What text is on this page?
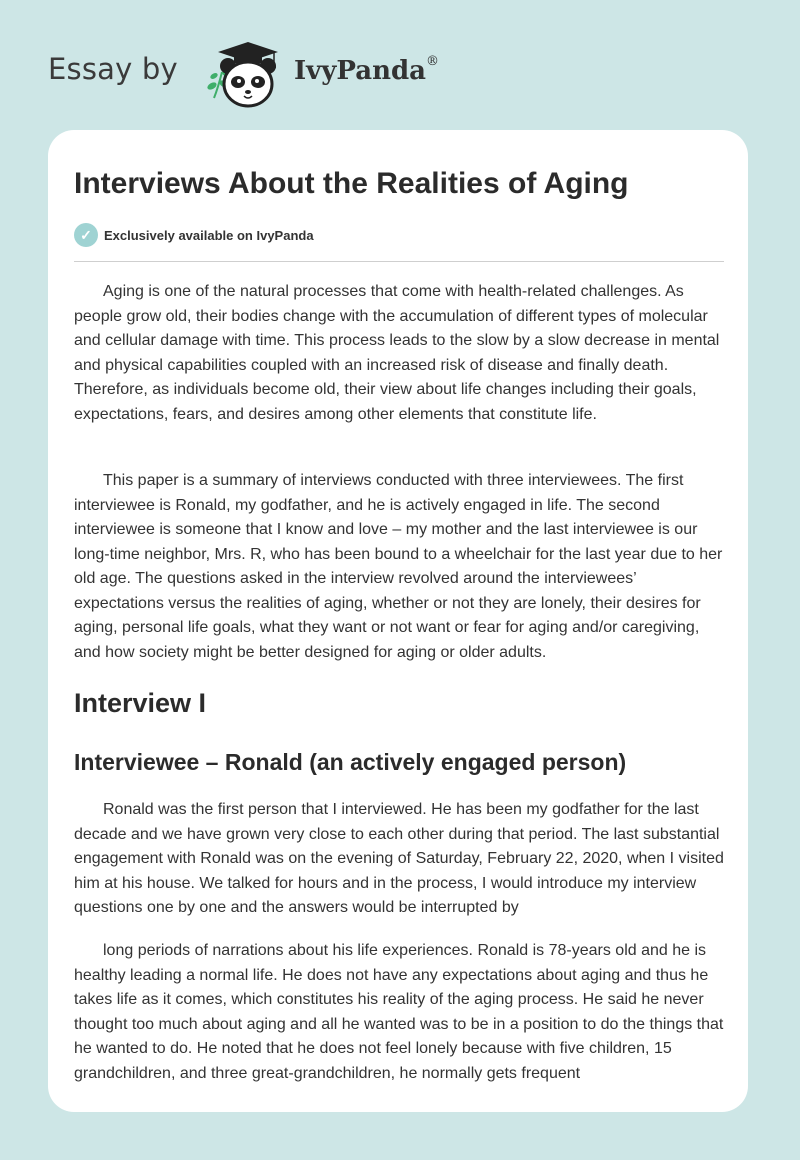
Essay by	IvyPanda®
Interviews About the Realities of Aging
✓ Exclusively available on IvyPanda

Aging is one of the natural processes that come with health-related challenges. As people grow old, their bodies change with the accumulation of different types of molecular and cellular damage with time. This process leads to the slow by a slow decrease in mental and physical capabilities coupled with an increased risk of disease and finally death. Therefore, as individuals become old, their view about life changes including their goals, expectations, fears, and desires among other elements that constitute life.

This paper is a summary of interviews conducted with three interviewees. The first interviewee is Ronald, my godfather, and he is actively engaged in life. The second interviewee is someone that I know and love – my mother and the last interviewee is our long-time neighbor, Mrs. R, who has been bound to a wheelchair for the last year due to her old age. The questions asked in the interview revolved around the interviewees’ expectations versus the realities of aging, whether or not they are lonely, their desires for aging, personal life goals, what they want or not want or fear for aging and/or caregiving, and how society might be better designed for aging or older adults.

Interview I
Interviewee – Ronald (an actively engaged person)

Ronald was the first person that I interviewed. He has been my godfather for the last decade and we have grown very close to each other during that period. The last substantial engagement with Ronald was on the evening of Saturday, February 22, 2020, when I visited him at his house. We talked for hours and in the process, I would introduce my interview questions one by one and the answers would be interrupted by

long periods of narrations about his life experiences. Ronald is 78-years old and he is healthy leading a normal life. He does not have any expectations about aging and thus he takes life as it comes, which constitutes his reality of the aging process. He said he never thought too much about aging and all he wanted was to be in a position to do the things that he wanted to do. He noted that he does not feel lonely because with five children, 15 grandchildren, and three great-grandchildren, he normally gets frequent
